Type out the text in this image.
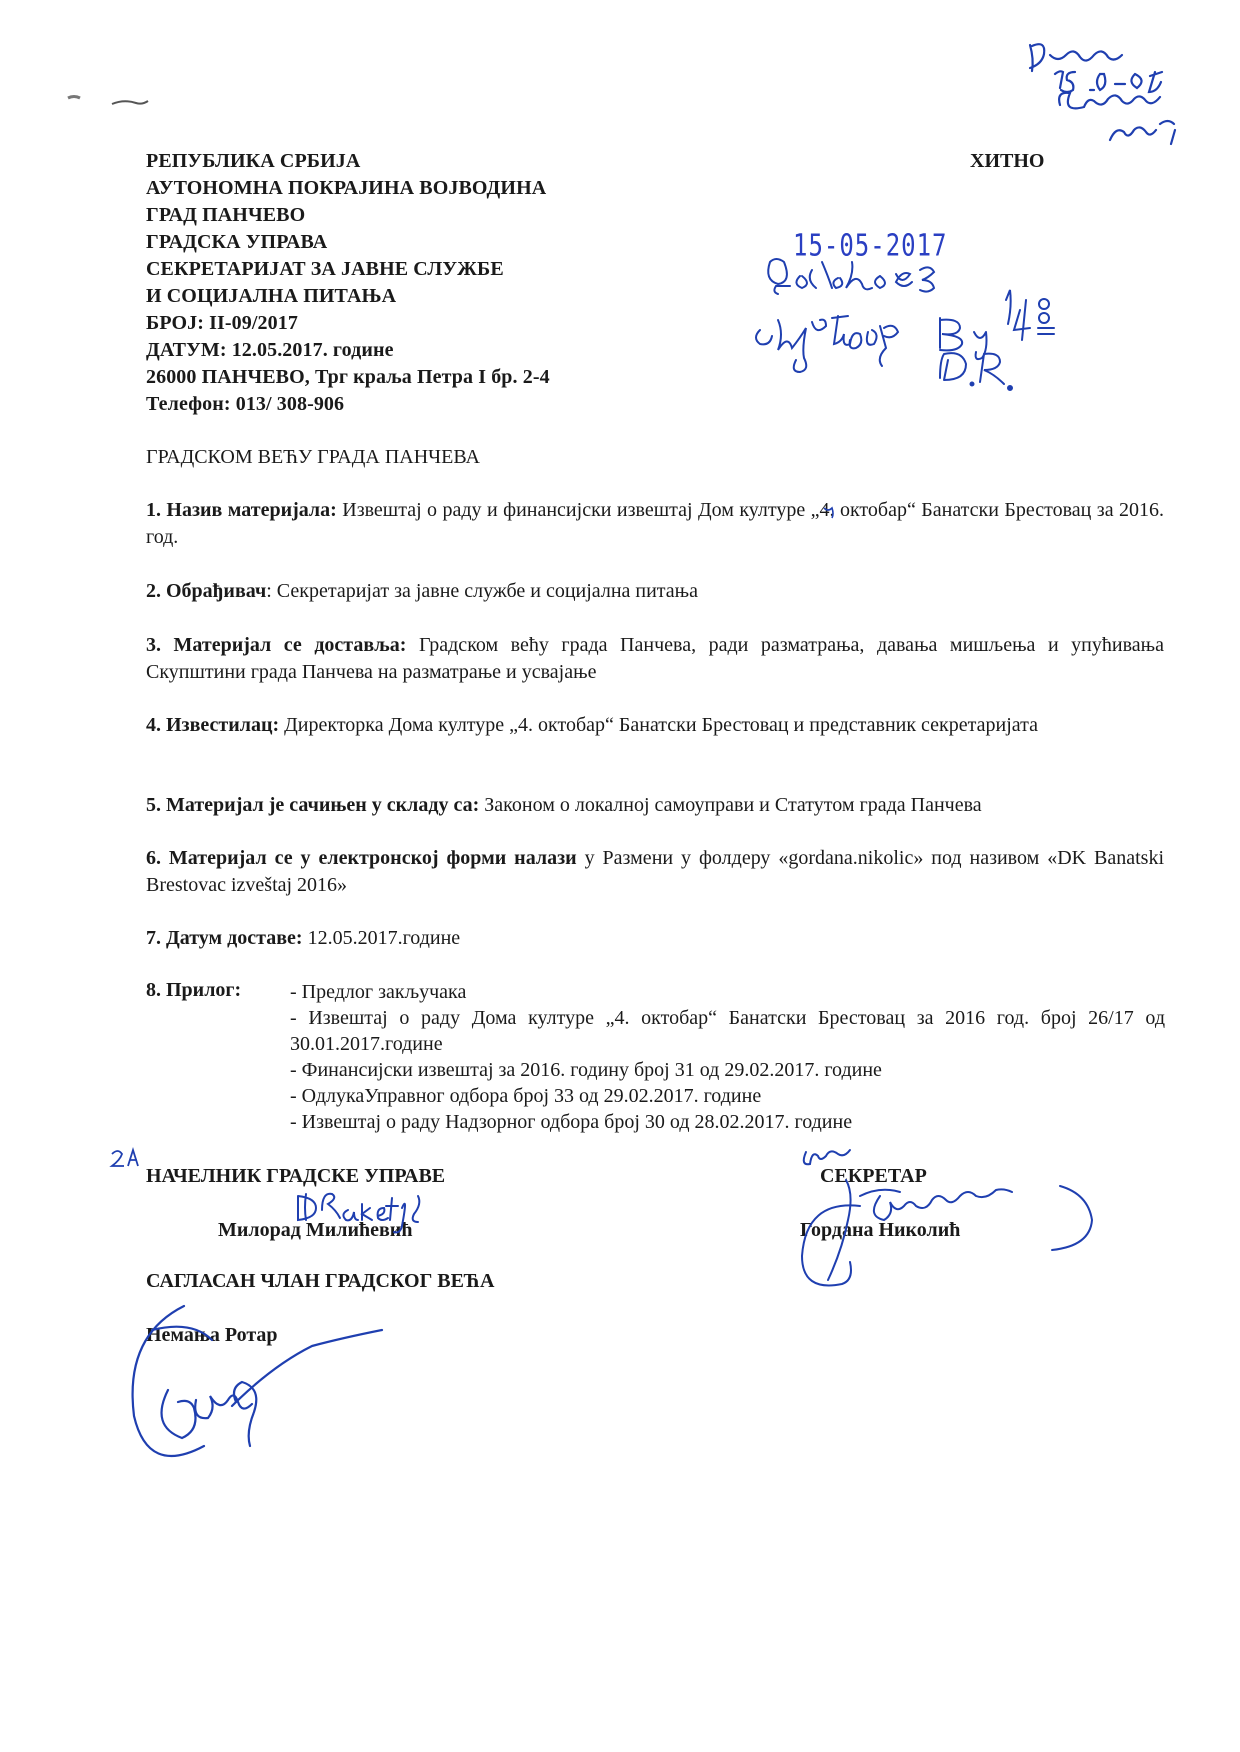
РЕПУБЛИКА СРБИЈА
АУТОНОМНА ПОКРАЈИНА ВОЈВОДИНА
ГРАД ПАНЧЕВО
ГРАДСКА УПРАВА
СЕКРЕТАРИЈАТ ЗА ЈАВНЕ СЛУЖБЕ
И СОЦИЈАЛНА ПИТАЊА
БРОЈ: II-09/2017
ДАТУМ: 12.05.2017. године
26000 ПАНЧЕВО, Трг краља Петра I бр. 2-4
Телефон: 013/ 308-906
ХИТНО
15-05-2017
ГРАДСКОМ ВЕЋУ ГРАДА ПАНЧЕВА
1. Назив материјала: Извештај о раду и финансијски извештај Дом културе „4. октобар“ Банатски Брестовац за 2016. год.
2. Обрађивач: Секретаријат за јавне службе и социјална питања
3. Материјал се доставља: Градском већу града Панчева, ради разматрања, давања мишљења и упућивања Скупштини града Панчева на разматрање и усвајање
4. Известилац: Директорка Дома културе „4. октобар“ Банатски Брестовац и представник секретаријата
5. Материјал је сачињен у складу са: Законом о локалној самоуправи и Статутом града Панчева
6. Материјал се у електронској форми налази у Размени у фолдеру «gordana.nikolic» под називом «DK Banatski Brestovac izveštaj 2016»
7. Датум доставе: 12.05.2017.године
8. Прилог: - Предлог закључака
- Извештај о раду Дома културе „4. октобар“ Банатски Брестовац за 2016 год. број 26/17 од 30.01.2017.године
- Финансијски извештај за 2016. годину број 31 од 29.02.2017. године
- ОдлукаУправног одбора број 33 од 29.02.2017. године
- Извештај о раду Надзорног одбора број 30 од 28.02.2017. године
НАЧЕЛНИК ГРАДСКЕ УПРАВЕ
Милорад Милићевић
СЕКРЕТАР
Гордана Николић
САГЛАСАН ЧЛАН ГРАДСКОГ ВЕЋА
Немања Ротар
